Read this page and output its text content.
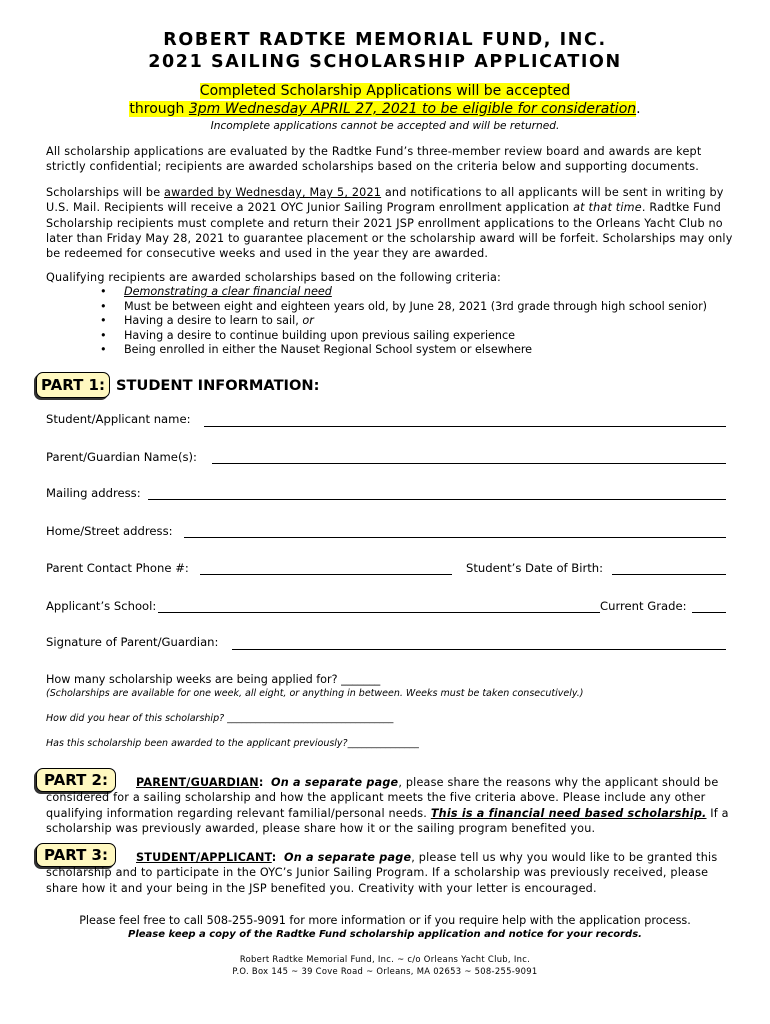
ROBERT RADTKE MEMORIAL FUND, INC.
2021 SAILING SCHOLARSHIP APPLICATION
Completed Scholarship Applications will be accepted
through 3pm Wednesday APRIL 27, 2021 to be eligible for consideration.
Incomplete applications cannot be accepted and will be returned.
All scholarship applications are evaluated by the Radtke Fund’s three-member review board and awards are kept
strictly confidential; recipients are awarded scholarships based on the criteria below and supporting documents.
Scholarships will be awarded by Wednesday, May 5, 2021 and notifications to all applicants will be sent in writing by
U.S. Mail. Recipients will receive a 2021 OYC Junior Sailing Program enrollment application at that time. Radtke Fund
Scholarship recipients must complete and return their 2021 JSP enrollment applications to the Orleans Yacht Club no
later than Friday May 28, 2021 to guarantee placement or the scholarship award will be forfeit. Scholarships may only
be redeemed for consecutive weeks and used in the year they are awarded.
Qualifying recipients are awarded scholarships based on the following criteria:
• Demonstrating a clear financial need
• Must be between eight and eighteen years old, by June 28, 2021 (3rd grade through high school senior)
• Having a desire to learn to sail, or
• Having a desire to continue building upon previous sailing experience
• Being enrolled in either the Nauset Regional School system or elsewhere
PART 1: STUDENT INFORMATION:
Student/Applicant name:
Parent/Guardian Name(s):
Mailing address:
Home/Street address:
Parent Contact Phone #:	Student’s Date of Birth:
Applicant’s School:	Current Grade:
Signature of Parent/Guardian:
How many scholarship weeks are being applied for? _______
(Scholarships are available for one week, all eight, or anything in between. Weeks must be taken consecutively.)
How did you hear of this scholarship? ___________________________________
Has this scholarship been awarded to the applicant previously?_______________
PART 2:	PARENT/GUARDIAN: On a separate page, please share the reasons why the applicant should be
considered for a sailing scholarship and how the applicant meets the five criteria above. Please include any other
qualifying information regarding relevant familial/personal needs. This is a financial need based scholarship. If a
scholarship was previously awarded, please share how it or the sailing program benefited you.
PART 3:	STUDENT/APPLICANT: On a separate page, please tell us why you would like to be granted this
scholarship and to participate in the OYC’s Junior Sailing Program. If a scholarship was previously received, please
share how it and your being in the JSP benefited you. Creativity with your letter is encouraged.
Please feel free to call 508-255-9091 for more information or if you require help with the application process.
Please keep a copy of the Radtke Fund scholarship application and notice for your records.
Robert Radtke Memorial Fund, Inc. ~ c/o Orleans Yacht Club, Inc.
P.O. Box 145 ~ 39 Cove Road ~ Orleans, MA 02653 ~ 508-255-9091
